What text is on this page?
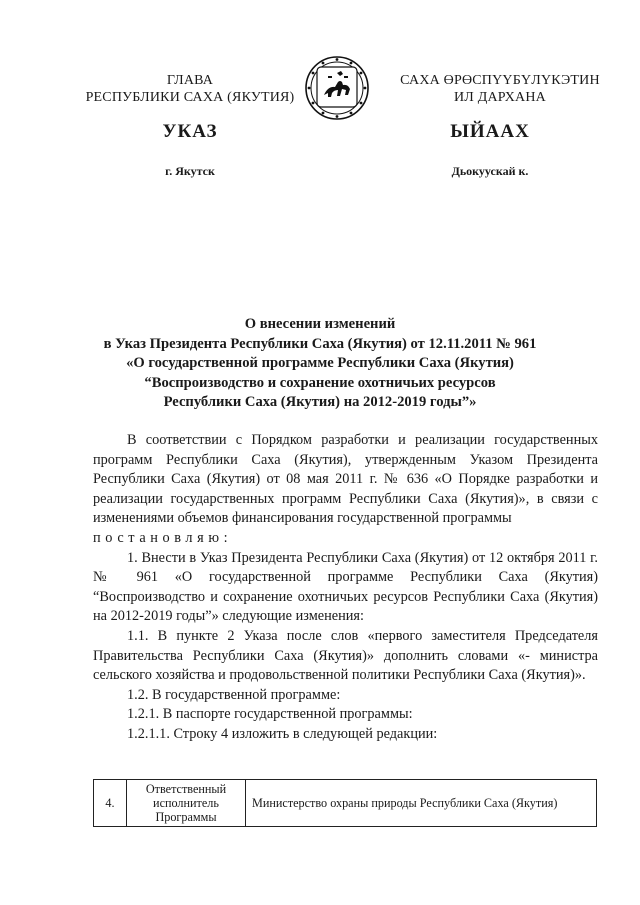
ГЛАВА
РЕСПУБЛИКИ САХА (ЯКУТИЯ)
САХА ӨРӨСПҮҮБҮЛҮКЭТИН
ИЛ ДАРХАНА
УКАЗ	ЫЙААХ
г. Якутск	Дьокуускай к.
О внесении изменений
в Указ Президента Республики Саха (Якутия) от 12.11.2011 № 961
«О государственной программе Республики Саха (Якутия)
“Воспроизводство и сохранение охотничьих ресурсов
Республики Саха (Якутия) на 2012-2019 годы”»
В соответствии с Порядком разработки и реализации государственных программ Республики Саха (Якутия), утвержденным Указом Президента Республики Саха (Якутия) от 08 мая 2011 г. № 636 «О Порядке разработки и реализации государственных программ Республики Саха (Якутия)», в связи с изменениями объемов финансирования государственной программы
постановляю:
1. Внести в Указ Президента Республики Саха (Якутия) от 12 октября 2011 г. № 961 «О государственной программе Республики Саха (Якутия) “Воспроизводство и сохранение охотничьих ресурсов Республики Саха (Якутия) на 2012-2019 годы”» следующие изменения:
1.1. В пункте 2 Указа после слов «первого заместителя Председателя Правительства Республики Саха (Якутия)» дополнить словами «- министра сельского хозяйства и продовольственной политики Республики Саха (Якутия)».
1.2. В государственной программе:
1.2.1. В паспорте государственной программы:
1.2.1.1. Строку 4 изложить в следующей редакции:
4.	Ответственный исполнитель Программы	Министерство охраны природы Республики Саха (Якутия)
